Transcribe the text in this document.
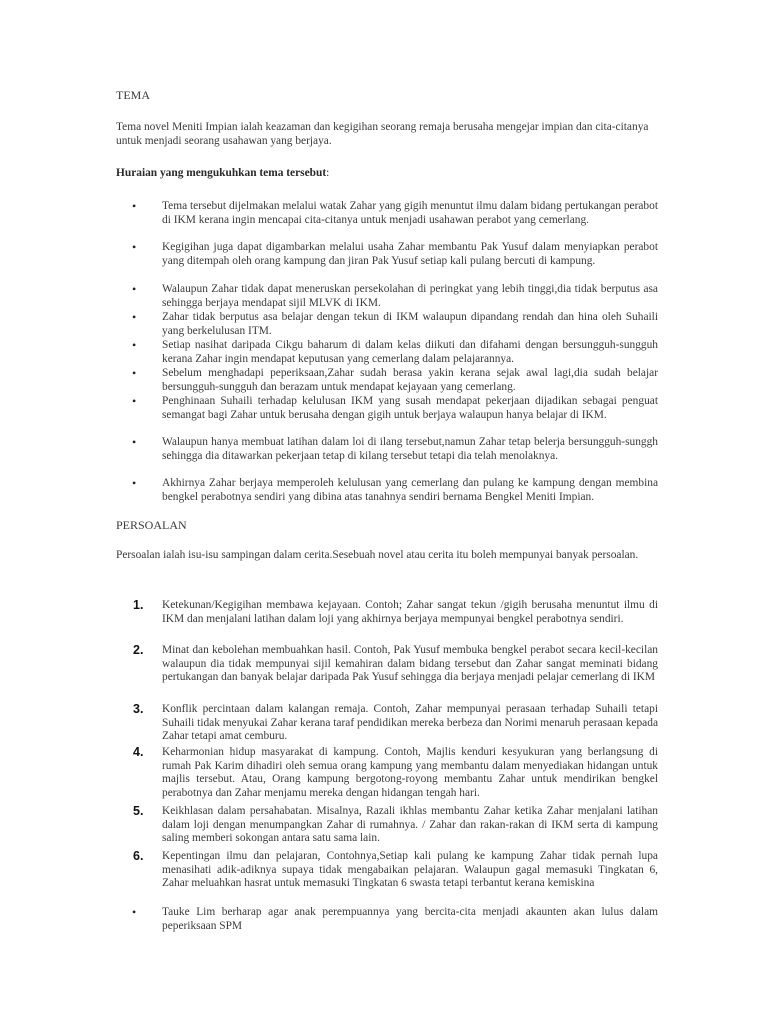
TEMA
Tema novel Meniti Impian ialah keazaman dan kegigihan seorang remaja berusaha mengejar impian dan cita-citanya untuk menjadi seorang usahawan yang berjaya.
Huraian yang mengukuhkan tema tersebut:
•	Tema tersebut dijelmakan melalui watak Zahar yang gigih menuntut ilmu dalam bidang pertukangan perabot di IKM kerana ingin mencapai cita-citanya untuk menjadi usahawan perabot yang cemerlang.
•	Kegigihan juga dapat digambarkan melalui usaha Zahar membantu Pak Yusuf dalam menyiapkan perabot yang ditempah oleh orang kampung dan jiran Pak Yusuf setiap kali pulang bercuti di kampung.
•	Walaupun Zahar tidak dapat meneruskan persekolahan di peringkat yang lebih tinggi,dia tidak berputus asa sehingga berjaya mendapat sijil MLVK di IKM.
•	Zahar tidak berputus asa belajar dengan tekun di IKM walaupun dipandang rendah dan hina oleh Suhaili yang berkelulusan ITM.
•	Setiap nasihat daripada Cikgu baharum di dalam kelas diikuti dan difahami dengan bersungguh-sungguh kerana Zahar ingin mendapat keputusan yang cemerlang dalam pelajarannya.
•	Sebelum menghadapi peperiksaan,Zahar sudah berasa yakin kerana sejak awal lagi,dia sudah belajar bersungguh-sungguh dan berazam untuk mendapat kejayaan yang cemerlang.
•	Penghinaan Suhaili terhadap kelulusan IKM yang susah mendapat pekerjaan dijadikan sebagai penguat semangat bagi Zahar untuk berusaha dengan gigih untuk berjaya walaupun hanya belajar di IKM.
•	Walaupun hanya membuat latihan dalam loi di ilang tersebut,namun Zahar tetap belerja bersungguh-sunggh sehingga dia ditawarkan pekerjaan tetap di kilang tersebut tetapi dia telah menolaknya.
•	Akhirnya Zahar berjaya memperoleh kelulusan yang cemerlang dan pulang ke kampung dengan membina bengkel perabotnya sendiri yang dibina atas tanahnya sendiri bernama Bengkel Meniti Impian.
PERSOALAN
Persoalan ialah isu-isu sampingan dalam cerita.Sesebuah novel atau cerita itu boleh mempunyai banyak persoalan.
1.	Ketekunan/Kegigihan membawa kejayaan. Contoh; Zahar sangat tekun /gigih berusaha menuntut ilmu di IKM dan menjalani latihan dalam loji yang akhirnya berjaya mempunyai bengkel perabotnya sendiri.
2.	Minat dan kebolehan membuahkan hasil. Contoh, Pak Yusuf membuka bengkel perabot secara kecil-kecilan walaupun dia tidak mempunyai sijil kemahiran dalam bidang tersebut dan Zahar sangat meminati bidang pertukangan dan banyak belajar daripada Pak Yusuf sehingga dia berjaya menjadi pelajar cemerlang di IKM
3.	Konflik percintaan dalam kalangan remaja. Contoh, Zahar mempunyai perasaan terhadap Suhaili tetapi Suhaili tidak menyukai Zahar kerana taraf pendidikan mereka berbeza dan Norimi menaruh perasaan kepada Zahar tetapi amat cemburu.
4.	Keharmonian hidup masyarakat di kampung. Contoh, Majlis kenduri kesyukuran yang berlangsung di rumah Pak Karim dihadiri oleh semua orang kampung yang membantu dalam menyediakan hidangan untuk majlis tersebut. Atau, Orang kampung bergotong-royong membantu Zahar untuk mendirikan bengkel perabotnya dan Zahar menjamu mereka dengan hidangan tengah hari.
5.	Keikhlasan dalam persahabatan. Misalnya, Razali ikhlas membantu Zahar ketika Zahar menjalani latihan dalam loji dengan menumpangkan Zahar di rumahnya. / Zahar dan rakan-rakan di IKM serta di kampung saling memberi sokongan antara satu sama lain.
6.	Kepentingan ilmu dan pelajaran, Contohnya,Setiap kali pulang ke kampung Zahar tidak pernah lupa menasihati adik-adiknya supaya tidak mengabaikan pelajaran. Walaupun gagal memasuki Tingkatan 6, Zahar meluahkan hasrat untuk memasuki Tingkatan 6 swasta tetapi terbantut kerana kemiskina
•	Tauke Lim berharap agar anak perempuannya yang bercita-cita menjadi akaunten akan lulus dalam peperiksaan SPM
